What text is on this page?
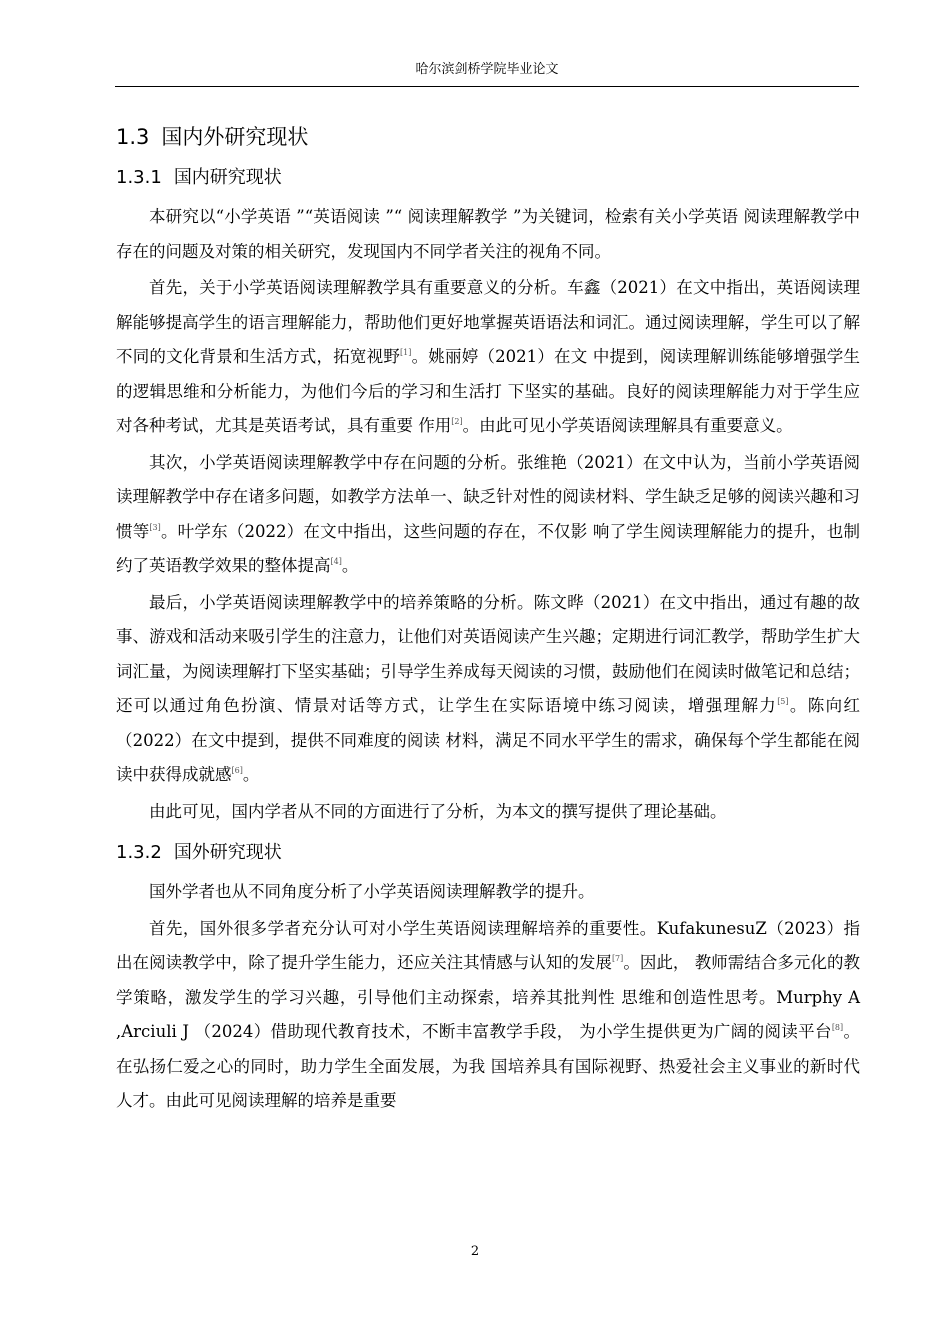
哈尔滨剑桥学院毕业论文
1.3 国内外研究现状
1.3.1 国内研究现状

本研究以“小学英语 ”“英语阅读 ”“ 阅读理解教学 ”为关键词，检索有关小学英语 阅读理解教学中存在的问题及对策的相关研究，发现国内不同学者关注的视角不同。

首先，关于小学英语阅读理解教学具有重要意义的分析。车鑫（2021）在文中指出，英语阅读理解能够提高学生的语言理解能力，帮助他们更好地掌握英语语法和词汇。通过阅读理解，学生可以了解不同的文化背景和生活方式，拓宽视野[1]。姚丽婷（2021）在文 中提到，阅读理解训练能够增强学生的逻辑思维和分析能力，为他们今后的学习和生活打 下坚实的基础。良好的阅读理解能力对于学生应对各种考试，尤其是英语考试，具有重要 作用[2]。由此可见小学英语阅读理解具有重要意义。

其次，小学英语阅读理解教学中存在问题的分析。张维艳（2021）在文中认为，当前小学英语阅读理解教学中存在诸多问题，如教学方法单一、缺乏针对性的阅读材料、学生缺乏足够的阅读兴趣和习惯等[3]。叶学东（2022）在文中指出，这些问题的存在，不仅影 响了学生阅读理解能力的提升，也制约了英语教学效果的整体提高[4]。

最后，小学英语阅读理解教学中的培养策略的分析。陈文晔（2021）在文中指出，通过有趣的故事、游戏和活动来吸引学生的注意力，让他们对英语阅读产生兴趣；定期进行词汇教学，帮助学生扩大词汇量，为阅读理解打下坚实基础；引导学生养成每天阅读的习惯，鼓励他们在阅读时做笔记和总结；还可以通过角色扮演、情景对话等方式，让学生在实际语境中练习阅读，增强理解力[5]。陈向红（2022）在文中提到，提供不同难度的阅读 材料，满足不同水平学生的需求，确保每个学生都能在阅读中获得成就感[6]。

由此可见，国内学者从不同的方面进行了分析，为本文的撰写提供了理论基础。

1.3.2 国外研究现状

国外学者也从不同角度分析了小学英语阅读理解教学的提升。

首先，国外很多学者充分认可对小学生英语阅读理解培养的重要性。KufakunesuZ（2023）指出在阅读教学中，除了提升学生能力，还应关注其情感与认知的发展[7]。因此， 教师需结合多元化的教学策略，激发学生的学习兴趣，引导他们主动探索，培养其批判性 思维和创造性思考。Murphy A ,Arciuli J （2024）借助现代教育技术，不断丰富教学手段， 为小学生提供更为广阔的阅读平台[8]。在弘扬仁爱之心的同时，助力学生全面发展，为我 国培养具有国际视野、热爱社会主义事业的新时代人才。由此可见阅读理解的培养是重要

2
